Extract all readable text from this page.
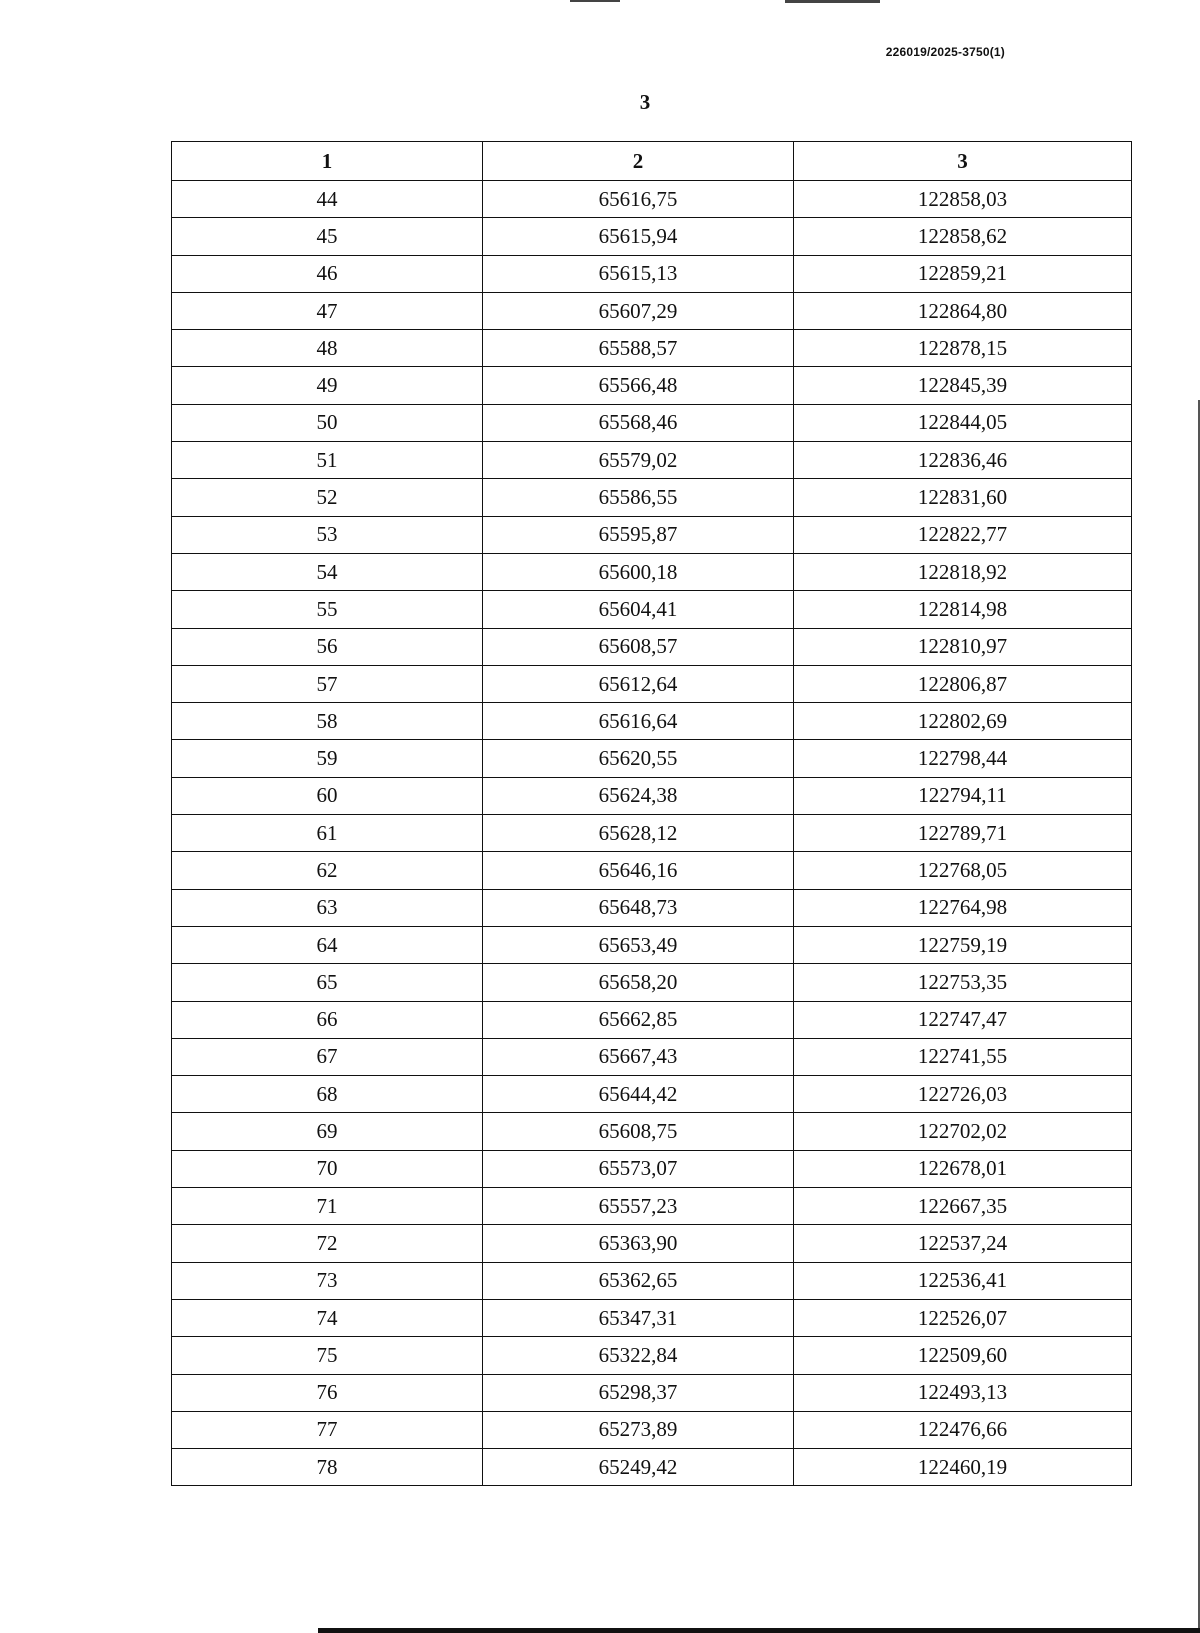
226019/2025-3750(1)
3
1	2	3
44	65616,75	122858,03
45	65615,94	122858,62
46	65615,13	122859,21
47	65607,29	122864,80
48	65588,57	122878,15
49	65566,48	122845,39
50	65568,46	122844,05
51	65579,02	122836,46
52	65586,55	122831,60
53	65595,87	122822,77
54	65600,18	122818,92
55	65604,41	122814,98
56	65608,57	122810,97
57	65612,64	122806,87
58	65616,64	122802,69
59	65620,55	122798,44
60	65624,38	122794,11
61	65628,12	122789,71
62	65646,16	122768,05
63	65648,73	122764,98
64	65653,49	122759,19
65	65658,20	122753,35
66	65662,85	122747,47
67	65667,43	122741,55
68	65644,42	122726,03
69	65608,75	122702,02
70	65573,07	122678,01
71	65557,23	122667,35
72	65363,90	122537,24
73	65362,65	122536,41
74	65347,31	122526,07
75	65322,84	122509,60
76	65298,37	122493,13
77	65273,89	122476,66
78	65249,42	122460,19
